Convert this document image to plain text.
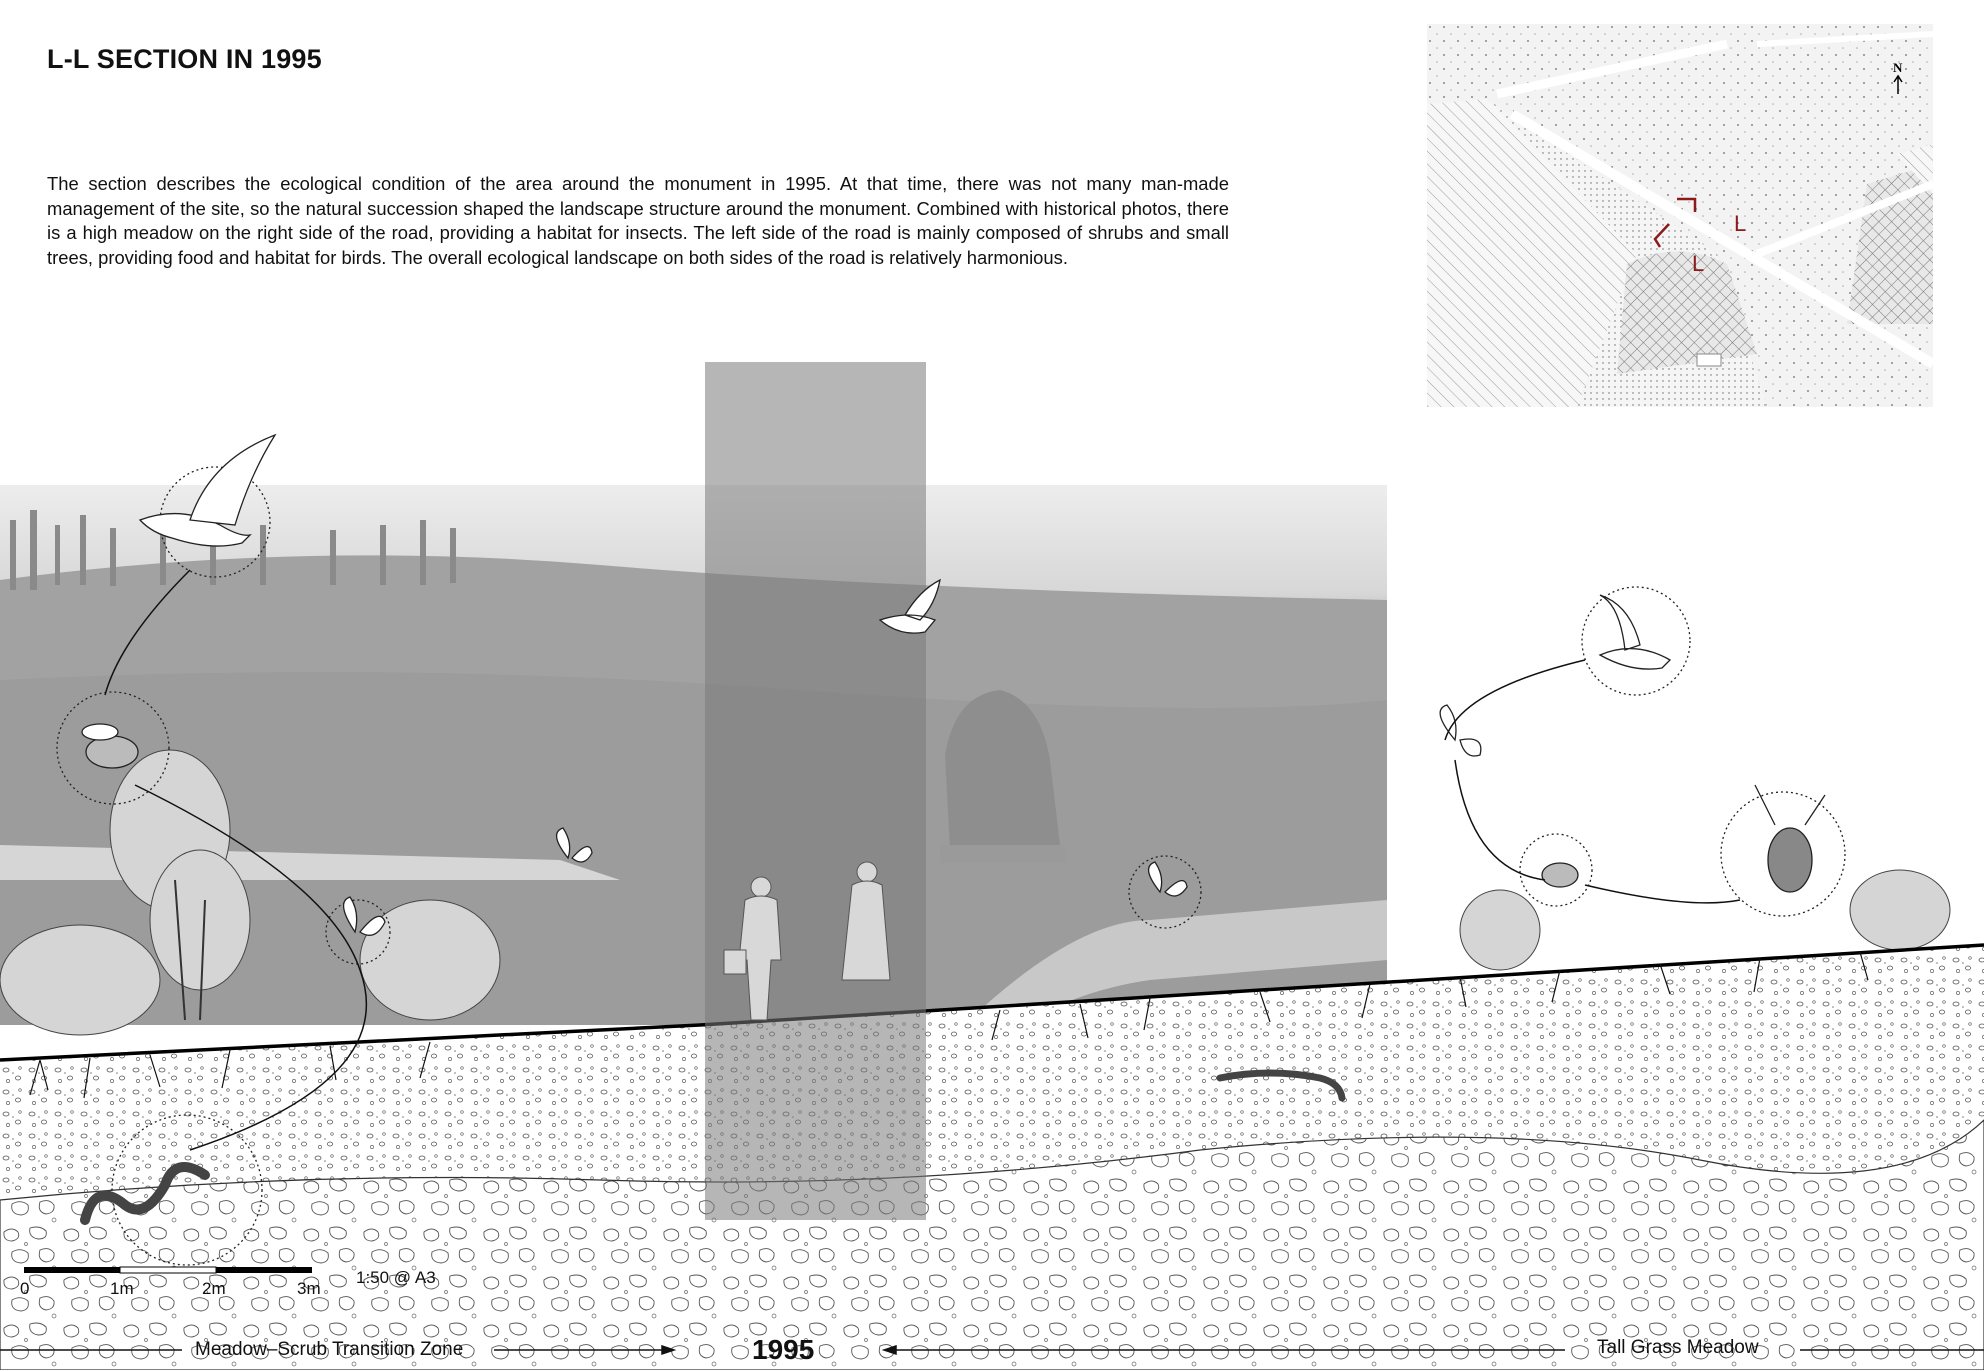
L-L SECTION IN 1995

The section describes the ecological condition of the area around the monument in 1995. At that time, there was not many man-made management of the site, so the natural succession shaped the landscape structure around the monument. Combined with historical photos, there is a high meadow on the right side of the road, providing a habitat for insects. The left side of the road is mainly composed of shrubs and small trees, providing food and habitat for birds. The overall ecological landscape on both sides of the road is relatively harmonious.

L
L
N
0	1m	2m	3m
1:50 @ A3
Meadow–Scrub Transition Zone	1995	Tall Grass Meadow
